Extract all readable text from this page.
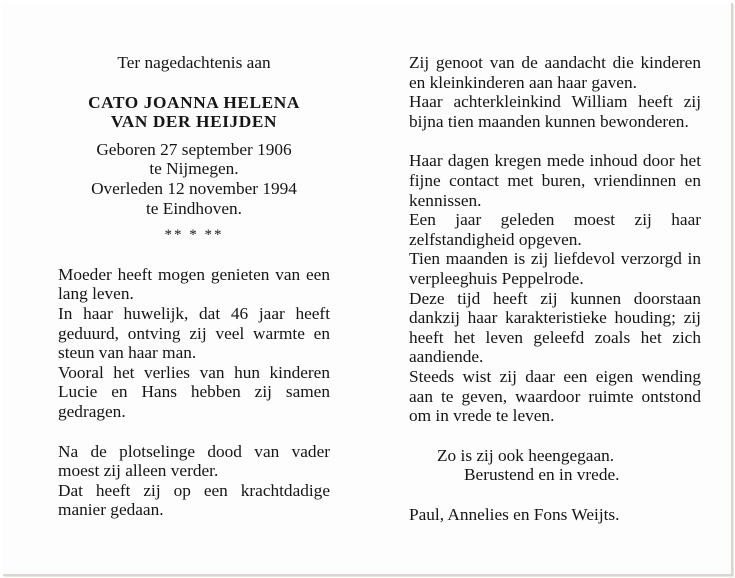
Ter nagedachtenis aan
CATO JOANNA HELENA
VAN DER HEIJDEN
Geboren 27 september 1906
te Nijmegen.
Overleden 12 november 1994
te Eindhoven.
** * **
Moeder heeft mogen genieten van een lang leven.
In haar huwelijk, dat 46 jaar heeft geduurd, ontving zij veel warmte en steun van haar man.
Vooral het verlies van hun kinderen Lucie en Hans hebben zij samen gedragen.
Na de plotselinge dood van vader moest zij alleen verder.
Dat heeft zij op een krachtdadige manier gedaan.
Zij genoot van de aandacht die kinderen en kleinkinderen aan haar gaven.
Haar achterkleinkind William heeft zij bijna tien maanden kunnen bewonderen.
Haar dagen kregen mede inhoud door het fijne contact met buren, vriendinnen en kennissen.
Een jaar geleden moest zij haar zelfstandigheid opgeven.
Tien maanden is zij liefdevol verzorgd in verpleeghuis Peppelrode.
Deze tijd heeft zij kunnen doorstaan dankzij haar karakteristieke houding; zij heeft het leven geleefd zoals het zich aandiende.
Steeds wist zij daar een eigen wending aan te geven, waardoor ruimte ontstond om in vrede te leven.
Zo is zij ook heengegaan.
Berustend en in vrede.
Paul, Annelies en Fons Weijts.
